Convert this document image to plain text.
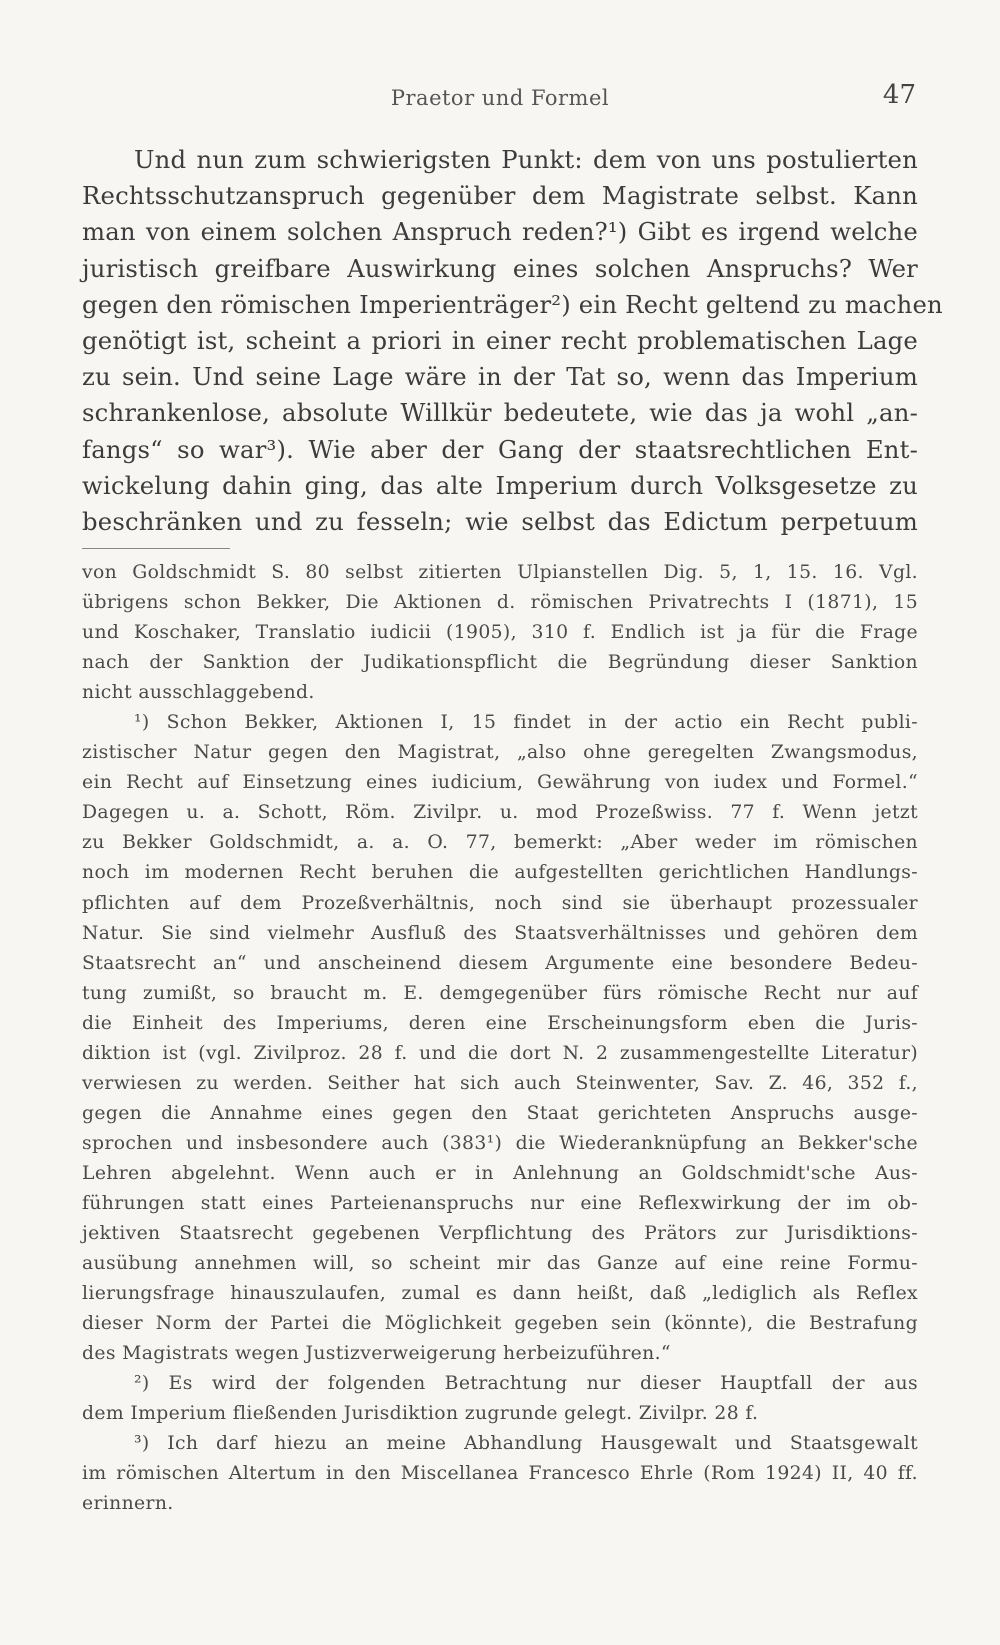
Praetor und Formel	47
Und nun zum schwierigsten Punkt: dem von uns postulierten
Rechtsschutzanspruch gegenüber dem Magistrate selbst. Kann
man von einem solchen Anspruch reden?¹) Gibt es irgend welche
juristisch greifbare Auswirkung eines solchen Anspruchs? Wer
gegen den römischen Imperienträger²) ein Recht geltend zu machen
genötigt ist, scheint a priori in einer recht problematischen Lage
zu sein. Und seine Lage wäre in der Tat so, wenn das Imperium
schrankenlose, absolute Willkür bedeutete, wie das ja wohl „an-
fangs“ so war³). Wie aber der Gang der staatsrechtlichen Ent-
wickelung dahin ging, das alte Imperium durch Volksgesetze zu
beschränken und zu fesseln; wie selbst das Edictum perpetuum
von Goldschmidt S. 80 selbst zitierten Ulpianstellen Dig. 5, 1, 15. 16. Vgl.
übrigens schon Bekker, Die Aktionen d. römischen Privatrechts I (1871), 15
und Koschaker, Translatio iudicii (1905), 310 f. Endlich ist ja für die Frage
nach der Sanktion der Judikationspflicht die Begründung dieser Sanktion
nicht ausschlaggebend.
¹) Schon Bekker, Aktionen I, 15 findet in der actio ein Recht publi-
zistischer Natur gegen den Magistrat, „also ohne geregelten Zwangsmodus,
ein Recht auf Einsetzung eines iudicium, Gewährung von iudex und Formel.“
Dagegen u. a. Schott, Röm. Zivilpr. u. mod Prozeßwiss. 77 f. Wenn jetzt
zu Bekker Goldschmidt, a. a. O. 77, bemerkt: „Aber weder im römischen
noch im modernen Recht beruhen die aufgestellten gerichtlichen Handlungs-
pflichten auf dem Prozeßverhältnis, noch sind sie überhaupt prozessualer
Natur. Sie sind vielmehr Ausfluß des Staatsverhältnisses und gehören dem
Staatsrecht an“ und anscheinend diesem Argumente eine besondere Bedeu-
tung zumißt, so braucht m. E. demgegenüber fürs römische Recht nur auf
die Einheit des Imperiums, deren eine Erscheinungsform eben die Juris-
diktion ist (vgl. Zivilproz. 28 f. und die dort N. 2 zusammengestellte Literatur)
verwiesen zu werden. Seither hat sich auch Steinwenter, Sav. Z. 46, 352 f.,
gegen die Annahme eines gegen den Staat gerichteten Anspruchs ausge-
sprochen und insbesondere auch (383¹) die Wiederanknüpfung an Bekker'sche
Lehren abgelehnt. Wenn auch er in Anlehnung an Goldschmidt'sche Aus-
führungen statt eines Parteienanspruchs nur eine Reflexwirkung der im ob-
jektiven Staatsrecht gegebenen Verpflichtung des Prätors zur Jurisdiktions-
ausübung annehmen will, so scheint mir das Ganze auf eine reine Formu-
lierungsfrage hinauszulaufen, zumal es dann heißt, daß „lediglich als Reflex
dieser Norm der Partei die Möglichkeit gegeben sein (könnte), die Bestrafung
des Magistrats wegen Justizverweigerung herbeizuführen.“
²) Es wird der folgenden Betrachtung nur dieser Hauptfall der aus
dem Imperium fließenden Jurisdiktion zugrunde gelegt. Zivilpr. 28 f.
³) Ich darf hiezu an meine Abhandlung Hausgewalt und Staatsgewalt
im römischen Altertum in den Miscellanea Francesco Ehrle (Rom 1924) II, 40 ff.
erinnern.
